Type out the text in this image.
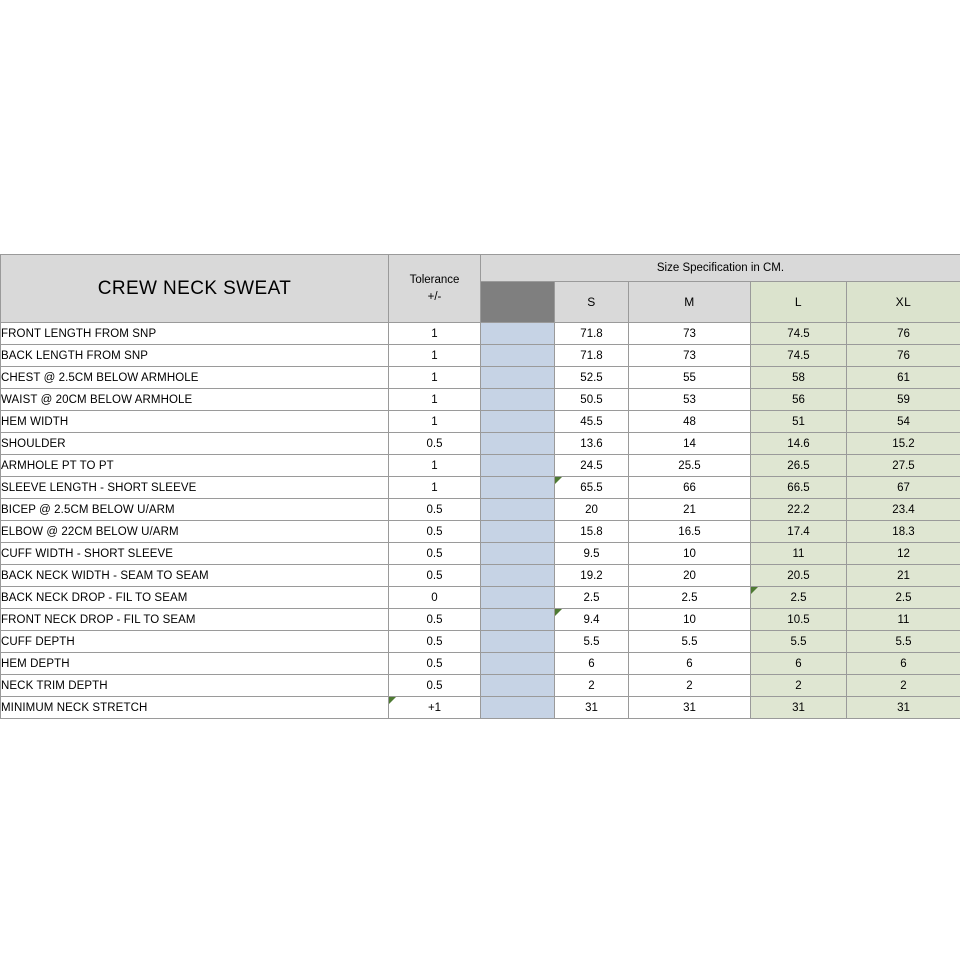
CREW NECK SWEAT	Tolerance
+/-	Size Specification in CM.				
			S	M	L	XL
FRONT LENGTH FROM SNP	1		71.8	73	74.5	76
BACK LENGTH FROM SNP	1		71.8	73	74.5	76
CHEST @ 2.5CM BELOW ARMHOLE	1		52.5	55	58	61
WAIST @ 20CM BELOW ARMHOLE	1		50.5	53	56	59
HEM WIDTH	1		45.5	48	51	54
SHOULDER	0.5		13.6	14	14.6	15.2
ARMHOLE PT TO PT	1		24.5	25.5	26.5	27.5
SLEEVE LENGTH - SHORT SLEEVE	1		65.5	66	66.5	67
BICEP @ 2.5CM BELOW U/ARM	0.5		20	21	22.2	23.4
ELBOW @ 22CM BELOW U/ARM	0.5		15.8	16.5	17.4	18.3
CUFF WIDTH - SHORT SLEEVE	0.5		9.5	10	11	12
BACK NECK WIDTH - SEAM TO SEAM	0.5		19.2	20	20.5	21
BACK NECK DROP - FIL TO SEAM	0		2.5	2.5	2.5	2.5
FRONT NECK DROP - FIL TO SEAM	0.5		9.4	10	10.5	11
CUFF DEPTH	0.5		5.5	5.5	5.5	5.5
HEM DEPTH	0.5		6	6	6	6
NECK TRIM DEPTH	0.5		2	2	2	2
MINIMUM NECK STRETCH	+1		31	31	31	31
